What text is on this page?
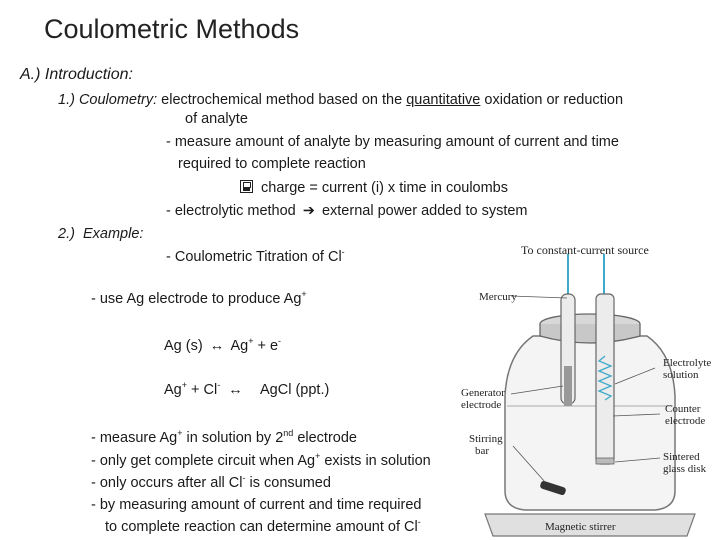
Coulometric Methods
A.) Introduction:
1.) Coulometry: electrochemical method based on the quantitative oxidation or reduction
of analyte
- measure amount of analyte by measuring amount of current and time
required to complete reaction
charge = current (i) x time in coulombs
- electrolytic method ➔ external power added to system
2.) Example:
- Coulometric Titration of Cl-
- use Ag electrode to produce Ag+
Ag (s) ↔ Ag+ + e-
Ag+ + Cl- ↔ AgCl (ppt.)
- measure Ag+ in solution by 2nd electrode
- only get complete circuit when Ag+ exists in solution
- only occurs after all Cl- is consumed
- by measuring amount of current and time required
to complete reaction can determine amount of Cl-
To constant-current source
Mercury
Electrolyte
solution
Generator
electrode	Counter
electrode
Stirring
bar	Sintered
glass disk
Magnetic stirrer
